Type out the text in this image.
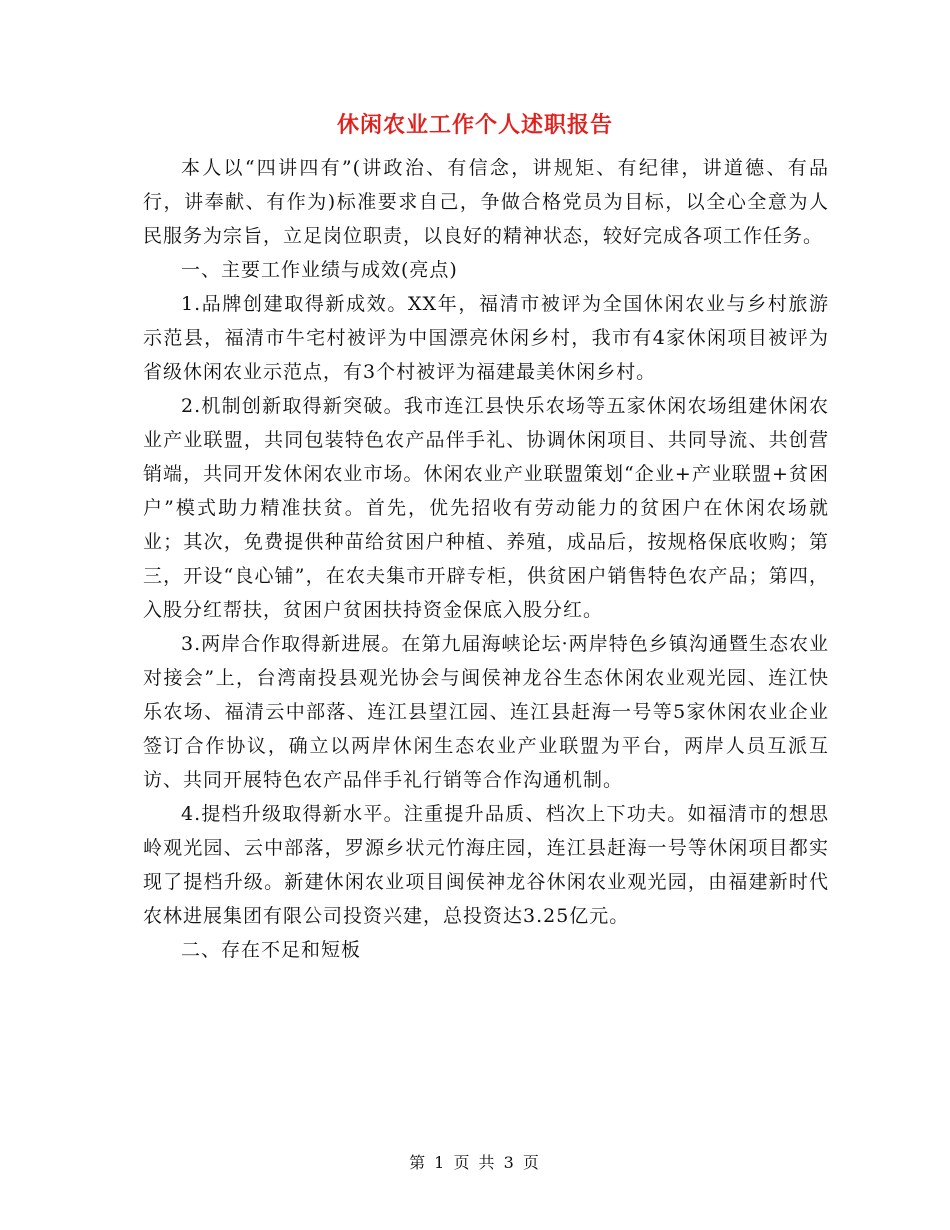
休闲农业工作个人述职报告

本人以“四讲四有”(讲政治、有信念，讲规矩、有纪律，讲道德、有品行，讲奉献、有作为)标准要求自己，争做合格党员为目标，以全心全意为人民服务为宗旨，立足岗位职责，以良好的精神状态，较好完成各项工作任务。

一、主要工作业绩与成效(亮点)

1.品牌创建取得新成效。XX年，福清市被评为全国休闲农业与乡村旅游示范县，福清市牛宅村被评为中国漂亮休闲乡村，我市有4家休闲项目被评为省级休闲农业示范点，有3个村被评为福建最美休闲乡村。

2.机制创新取得新突破。我市连江县快乐农场等五家休闲农场组建休闲农业产业联盟，共同包装特色农产品伴手礼、协调休闲项目、共同导流、共创营销端，共同开发休闲农业市场。休闲农业产业联盟策划“企业+产业联盟+贫困户”模式助力精准扶贫。首先，优先招收有劳动能力的贫困户在休闲农场就业；其次，免费提供种苗给贫困户种植、养殖，成品后，按规格保底收购；第三，开设“良心铺”，在农夫集市开辟专柜，供贫困户销售特色农产品；第四，入股分红帮扶，贫困户贫困扶持资金保底入股分红。

3.两岸合作取得新进展。在第九届海峡论坛·两岸特色乡镇沟通暨生态农业对接会”上，台湾南投县观光协会与闽侯神龙谷生态休闲农业观光园、连江快乐农场、福清云中部落、连江县望江园、连江县赶海一号等5家休闲农业企业签订合作协议，确立以两岸休闲生态农业产业联盟为平台，两岸人员互派互访、共同开展特色农产品伴手礼行销等合作沟通机制。

4.提档升级取得新水平。注重提升品质、档次上下功夫。如福清市的想思岭观光园、云中部落，罗源乡状元竹海庄园，连江县赶海一号等休闲项目都实现了提档升级。新建休闲农业项目闽侯神龙谷休闲农业观光园，由福建新时代农林进展集团有限公司投资兴建，总投资达3.25亿元。

二、存在不足和短板

第 1 页 共 3 页
